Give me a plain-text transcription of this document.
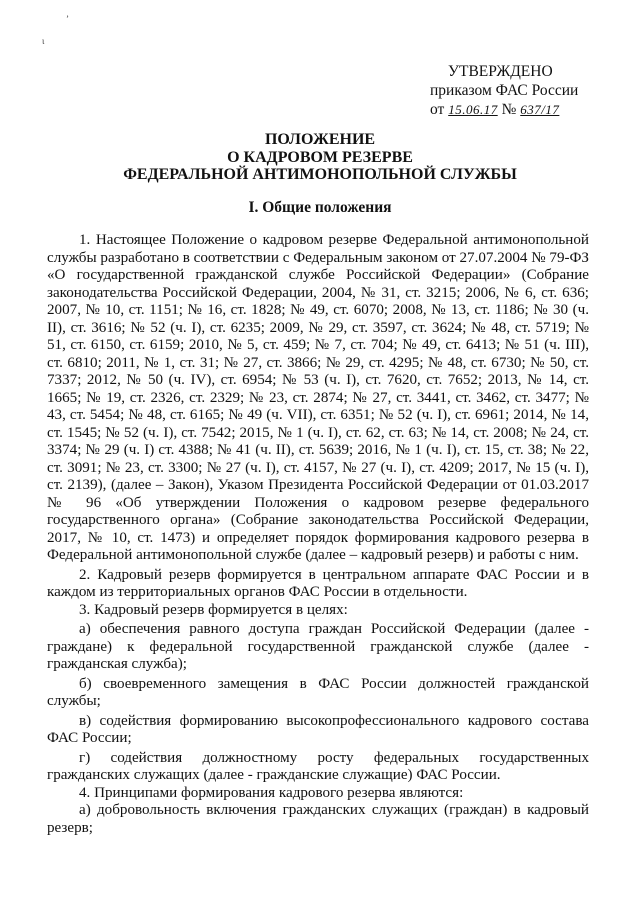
’
ι
УТВЕРЖДЕНО
приказом ФАС России
от 15.06.17 № 637/17
ПОЛОЖЕНИЕ
О КАДРОВОМ РЕЗЕРВЕ
ФЕДЕРАЛЬНОЙ АНТИМОНОПОЛЬНОЙ СЛУЖБЫ
I. Общие положения

1. Настоящее Положение о кадровом резерве Федеральной антимонопольной службы разработано в соответствии с Федеральным законом от 27.07.2004 № 79-ФЗ «О государственной гражданской службе Российской Федерации» (Собрание законодательства Российской Федерации, 2004, № 31, ст. 3215; 2006, № 6, ст. 636; 2007, № 10, ст. 1151; № 16, ст. 1828; № 49, ст. 6070; 2008, № 13, ст. 1186; № 30 (ч. II), ст. 3616; № 52 (ч. I), ст. 6235; 2009, № 29, ст. 3597, ст. 3624; № 48, ст. 5719; № 51, ст. 6150, ст. 6159; 2010, № 5, ст. 459; № 7, ст. 704; № 49, ст. 6413; № 51 (ч. III), ст. 6810; 2011, № 1, ст. 31; № 27, ст. 3866; № 29, ст. 4295; № 48, ст. 6730; № 50, ст. 7337; 2012, № 50 (ч. IV), ст. 6954; № 53 (ч. I), ст. 7620, ст. 7652; 2013, № 14, ст. 1665; № 19, ст. 2326, ст. 2329; № 23, ст. 2874; № 27, ст. 3441, ст. 3462, ст. 3477; № 43, ст. 5454; № 48, ст. 6165; № 49 (ч. VII), ст. 6351; № 52 (ч. I), ст. 6961; 2014, № 14, ст. 1545; № 52 (ч. I), ст. 7542; 2015, № 1 (ч. I), ст. 62, ст. 63; № 14, ст. 2008; № 24, ст. 3374; № 29 (ч. I) ст. 4388; № 41 (ч. II), ст. 5639; 2016, № 1 (ч. I), ст. 15, ст. 38; № 22, ст. 3091; № 23, ст. 3300; № 27 (ч. I), ст. 4157, № 27 (ч. I), ст. 4209; 2017, № 15 (ч. I), ст. 2139), (далее – Закон), Указом Президента Российской Федерации от 01.03.2017 № 96 «Об утверждении Положения о кадровом резерве федерального государственного органа» (Собрание законодательства Российской Федерации, 2017, № 10, ст. 1473) и определяет порядок формирования кадрового резерва в Федеральной антимонопольной службе (далее – кадровый резерв) и работы с ним.

2. Кадровый резерв формируется в центральном аппарате ФАС России и в каждом из территориальных органов ФАС России в отдельности.

3. Кадровый резерв формируется в целях:

а) обеспечения равного доступа граждан Российской Федерации (далее - граждане) к федеральной государственной гражданской службе (далее - гражданская служба);

б) своевременного замещения в ФАС России должностей гражданской службы;

в) содействия формированию высокопрофессионального кадрового состава ФАС России;

г) содействия должностному росту федеральных государственных гражданских служащих (далее - гражданские служащие) ФАС России.

4. Принципами формирования кадрового резерва являются:

а) добровольность включения гражданских служащих (граждан) в кадровый резерв;
